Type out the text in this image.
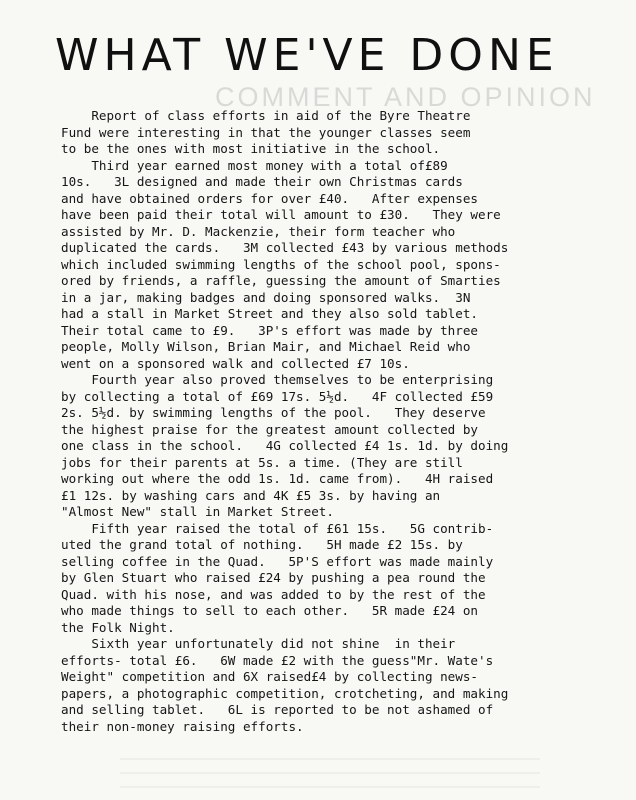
COMMENT AND OPINION
WHAT WE'VE DONE
Report of class efforts in aid of the Byre Theatre
Fund were interesting in that the younger classes seem
to be the ones with most initiative in the school.
Third year earned most money with a total of£89
10s.   3L designed and made their own Christmas cards
and have obtained orders for over £40.   After expenses
have been paid their total will amount to £30.   They were
assisted by Mr. D. Mackenzie, their form teacher who
duplicated the cards.   3M collected £43 by various methods
which included swimming lengths of the school pool, spons-
ored by friends, a raffle, guessing the amount of Smarties
in a jar, making badges and doing sponsored walks.  3N
had a stall in Market Street and they also sold tablet.
Their total came to £9.   3P's effort was made by three
people, Molly Wilson, Brian Mair, and Michael Reid who
went on a sponsored walk and collected £7 10s.
Fourth year also proved themselves to be enterprising
by collecting a total of £69 17s. 5½d.   4F collected £59
2s. 5½d. by swimming lengths of the pool.   They deserve
the highest praise for the greatest amount collected by
one class in the school.   4G collected £4 1s. 1d. by doing
jobs for their parents at 5s. a time. (They are still
working out where the odd 1s. 1d. came from).   4H raised
£1 12s. by washing cars and 4K £5 3s. by having an
"Almost New" stall in Market Street.
Fifth year raised the total of £61 15s.   5G contrib-
uted the grand total of nothing.   5H made £2 15s. by
selling coffee in the Quad.   5P'S effort was made mainly
by Glen Stuart who raised £24 by pushing a pea round the
Quad. with his nose, and was added to by the rest of the
who made things to sell to each other.   5R made £24 on
the Folk Night.
Sixth year unfortunately did not shine  in their
efforts- total £6.   6W made £2 with the guess"Mr. Wate's
Weight" competition and 6X raised£4 by collecting news-
papers, a photographic competition, crotcheting, and making
and selling tablet.   6L is reported to be not ashamed of
their non-money raising efforts.
